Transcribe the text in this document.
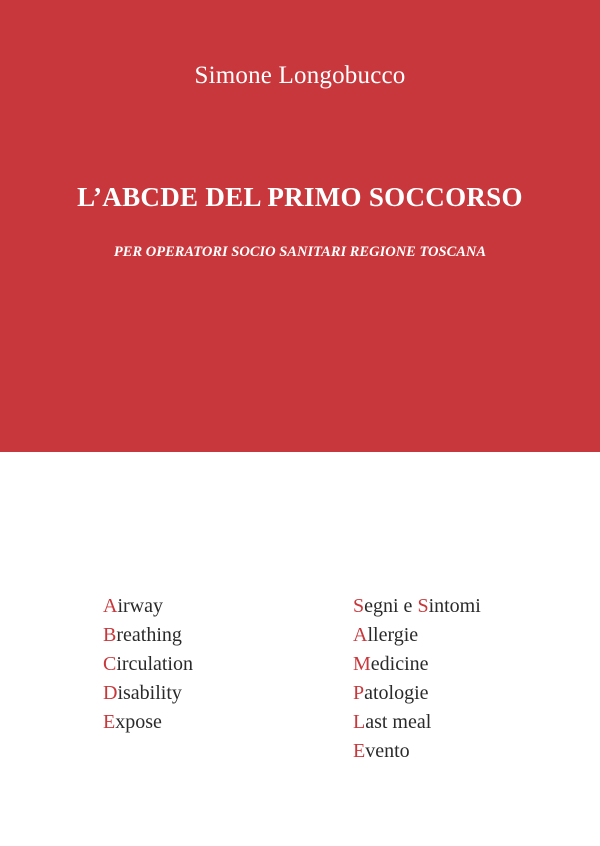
Simone Longobucco
L’ABCDE DEL PRIMO SOCCORSO
PER OPERATORI SOCIO SANITARI REGIONE TOSCANA
Airway
Breathing
Circulation
Disability
Expose
Segni e Sintomi
Allergie
Medicine
Patologie
Last meal
Evento
